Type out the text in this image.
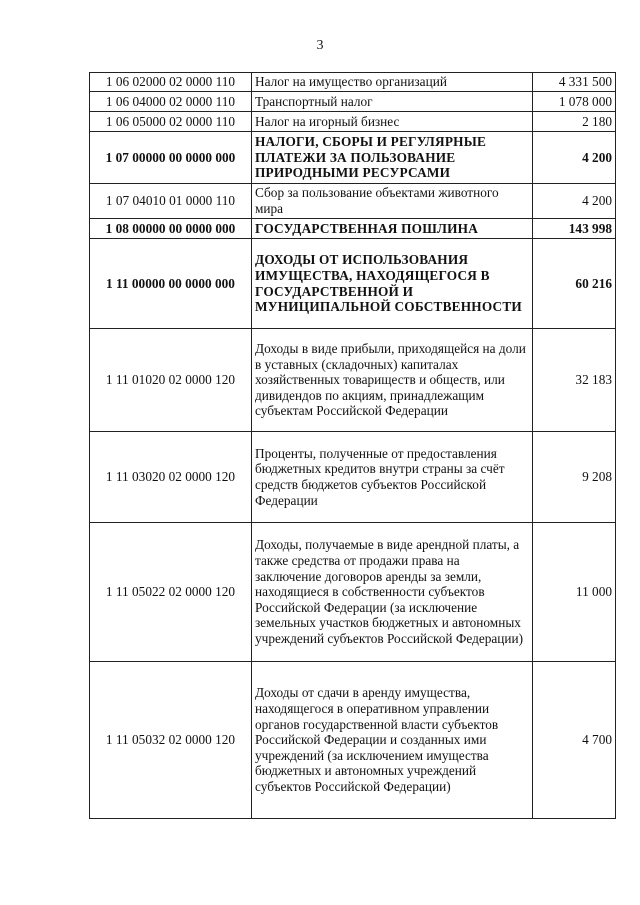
3
1 06 02000 02 0000 110	Налог на имущество организаций	4 331 500
1 06 04000 02 0000 110	Транспортный налог	1 078 000
1 06 05000 02 0000 110	Налог на игорный бизнес	2 180
1 07 00000 00 0000 000	НАЛОГИ, СБОРЫ И РЕГУЛЯРНЫЕ ПЛАТЕЖИ ЗА ПОЛЬЗОВАНИЕ ПРИРОДНЫМИ РЕСУРСАМИ	4 200
1 07 04010 01 0000 110	Сбор за пользование объектами животного мира	4 200
1 08 00000 00 0000 000	ГОСУДАРСТВЕННАЯ ПОШЛИНА	143 998
1 11 00000 00 0000 000	ДОХОДЫ ОТ ИСПОЛЬЗОВАНИЯ ИМУЩЕСТВА, НАХОДЯЩЕГОСЯ В ГОСУДАРСТВЕННОЙ И МУНИЦИПАЛЬНОЙ СОБСТВЕННОСТИ	60 216
1 11 01020 02 0000 120	Доходы в виде прибыли, приходящейся на доли в уставных (складочных) капиталах хозяйственных товариществ и обществ, или дивидендов по акциям, принадлежащим субъектам Российской Федерации	32 183
1 11 03020 02 0000 120	Проценты, полученные от предоставления бюджетных кредитов внутри страны за счёт средств бюджетов субъектов Российской Федерации	9 208
1 11 05022 02 0000 120	Доходы, получаемые в виде арендной платы, а также средства от продажи права на заключение договоров аренды за земли, находящиеся в собственности субъектов Российской Федерации (за исключение земельных участков бюджетных и автономных учреждений субъектов Российской Федерации)	11 000
1 11 05032 02 0000 120	Доходы от сдачи в аренду имущества, находящегося в оперативном управлении органов государственной власти субъектов Российской Федерации и созданных ими учреждений (за исключением имущества бюджетных и автономных учреждений субъектов Российской Федерации)	4 700
